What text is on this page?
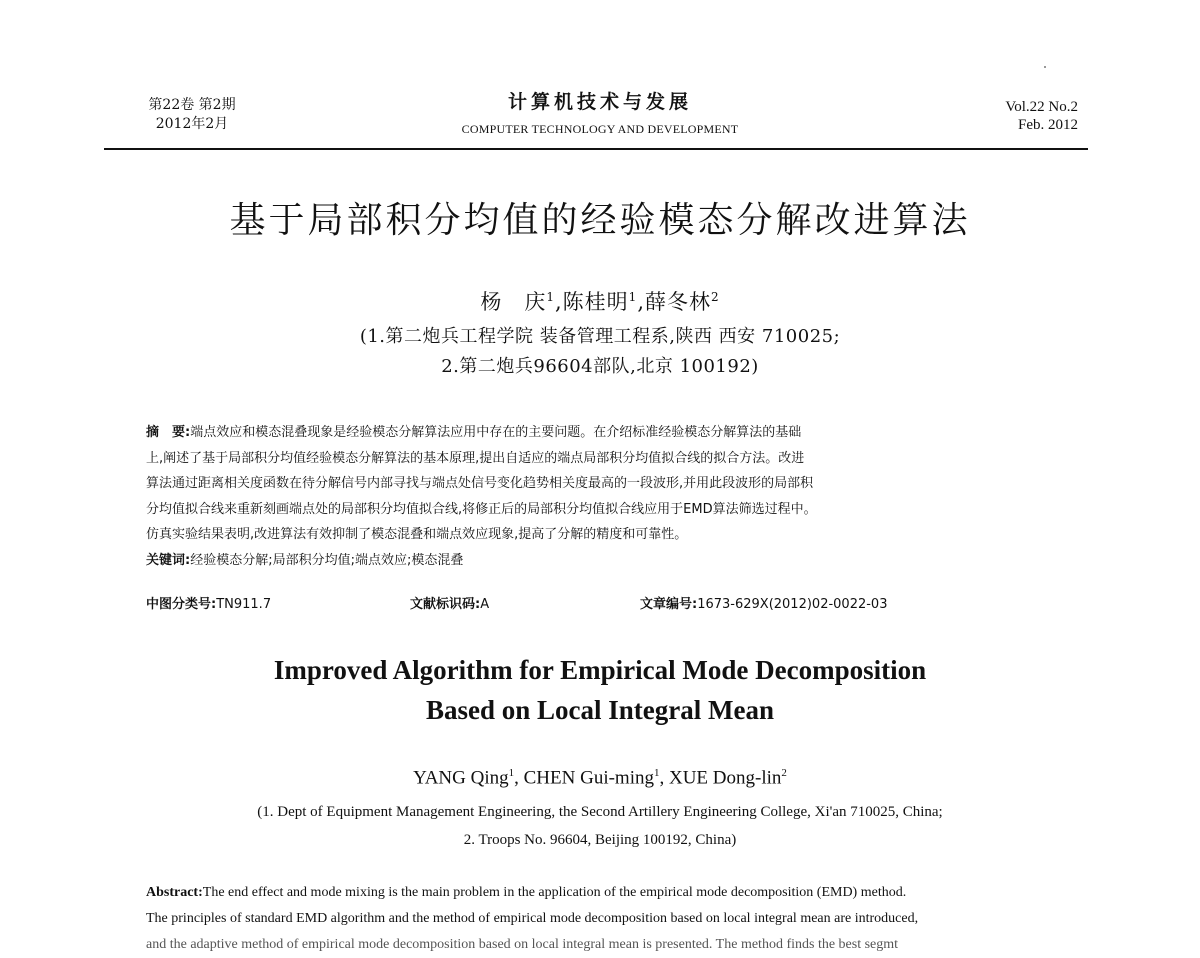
第22卷 第2期
2012年2月
计算机技术与发展
COMPUTER TECHNOLOGY AND DEVELOPMENT
Vol.22 No.2
Feb. 2012
基于局部积分均值的经验模态分解改进算法
杨　庆$^1$,陈桂明$^1$,薛冬林$^2$
(1.第二炮兵工程学院 装备管理工程系,陕西 西安 710025;
2.第二炮兵96604部队,北京 100192)
摘　要:端点效应和模态混叠现象是经验模态分解算法应用中存在的主要问题。在介绍标准经验模态分解算法的基础
上,阐述了基于局部积分均值经验模态分解算法的基本原理,提出自适应的端点局部积分均值拟合线的拟合方法。改进
算法通过距离相关度函数在待分解信号内部寻找与端点处信号变化趋势相关度最高的一段波形,并用此段波形的局部积
分均值拟合线来重新刻画端点处的局部积分均值拟合线,将修正后的局部积分均值拟合线应用于EMD算法筛选过程中。
仿真实验结果表明,改进算法有效抑制了模态混叠和端点效应现象,提高了分解的精度和可靠性。
关键词:经验模态分解;局部积分均值;端点效应;模态混叠
中图分类号:TN911.7	文献标识码:A	文章编号:1673-629X(2012)02-0022-03
Improved Algorithm for Empirical Mode Decomposition
Based on Local Integral Mean
YANG Qing$^1$, CHEN Gui-ming$^1$, XUE Dong-lin$^2$
(1. Dept of Equipment Management Engineering, the Second Artillery Engineering College, Xi'an 710025, China;
2. Troops No. 96604, Beijing 100192, China)
Abstract:The end effect and mode mixing is the main problem in the application of the empirical mode decomposition (EMD) method.
The principles of standard EMD algorithm and the method of empirical mode decomposition based on local integral mean are introduced,
and the adaptive method of empirical mode decomposition based on local integral mean is presented. The method finds the best segmt
